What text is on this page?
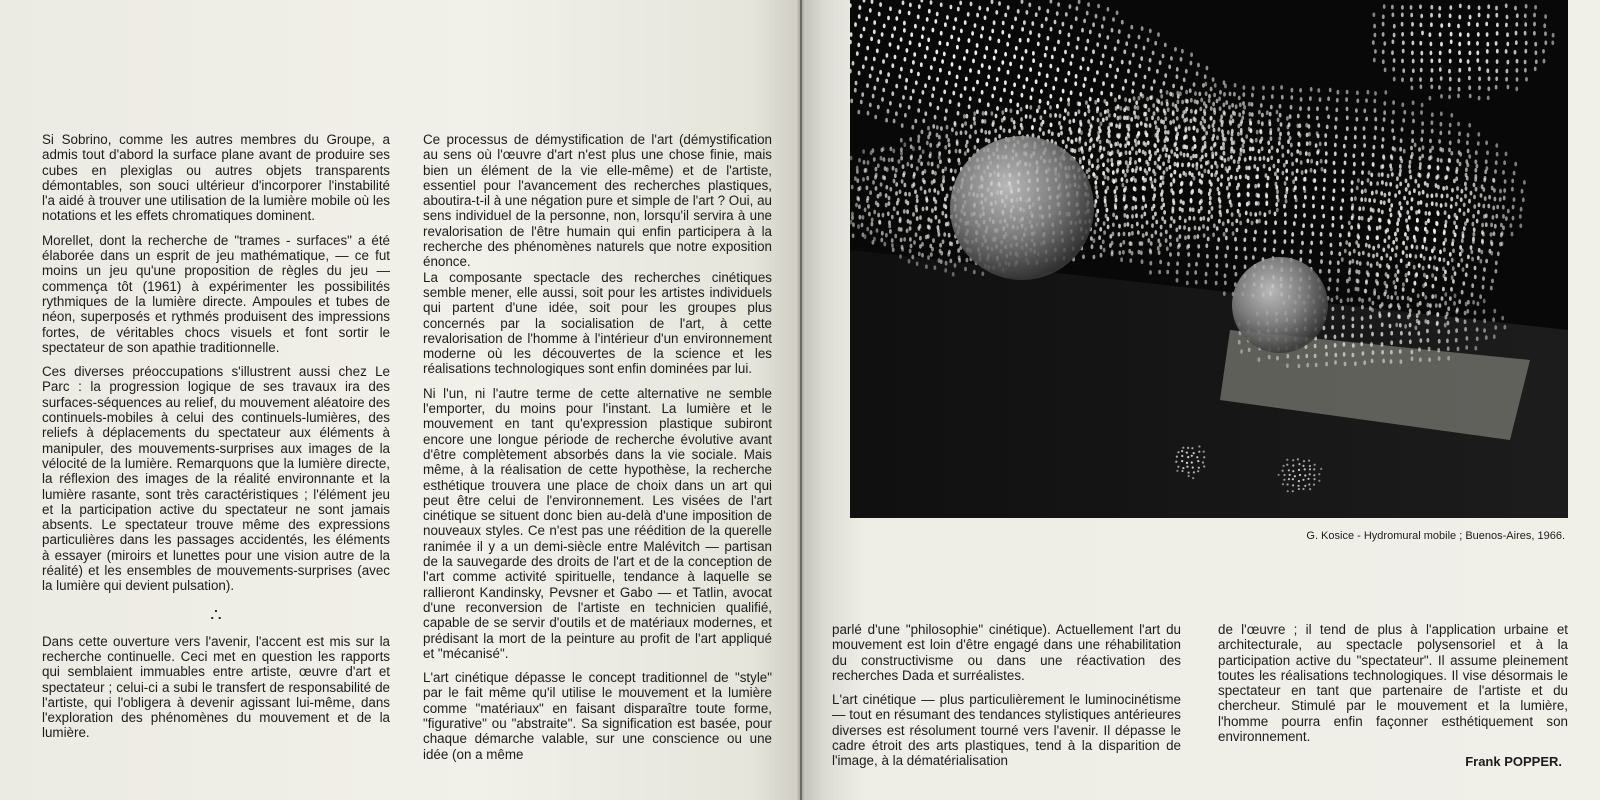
Si Sobrino, comme les autres membres du Groupe, a admis tout d'abord la surface plane avant de produire ses cubes en plexiglas ou autres objets transparents démontables, son souci ultérieur d'incorporer l'instabilité l'a aidé à trouver une utilisation de la lumière mobile où les notations et les effets chromatiques dominent.

Morellet, dont la recherche de "trames - surfaces" a été élaborée dans un esprit de jeu mathématique, — ce fut moins un jeu qu'une proposition de règles du jeu — commença tôt (1961) à expérimenter les possibilités rythmiques de la lumière directe. Ampoules et tubes de néon, superposés et rythmés produisent des impressions fortes, de véritables chocs visuels et font sortir le spectateur de son apathie traditionnelle.

Ces diverses préoccupations s'illustrent aussi chez Le Parc : la progression logique de ses travaux ira des surfaces-séquences au relief, du mouvement aléatoire des continuels-mobiles à celui des continuels-lumières, des reliefs à déplacements du spectateur aux éléments à manipuler, des mouvements-surprises aux images de la vélocité de la lumière. Remarquons que la lumière directe, la réflexion des images de la réalité environnante et la lumière rasante, sont très caractéristiques ; l'élément jeu et la participation active du spectateur ne sont jamais absents. Le spectateur trouve même des expressions particulières dans les passages accidentés, les éléments à essayer (miroirs et lunettes pour une vision autre de la réalité) et les ensembles de mouvements-surprises (avec la lumière qui devient pulsation).

∴

Dans cette ouverture vers l'avenir, l'accent est mis sur la recherche continuelle. Ceci met en question les rapports qui semblaient immuables entre artiste, œuvre d'art et spectateur ; celui-ci a subi le transfert de responsabilité de l'artiste, qui l'obligera à devenir agissant lui-même, dans l'exploration des phénomènes du mouvement et de la lumière.

Ce processus de démystification de l'art (démystification au sens où l'œuvre d'art n'est plus une chose finie, mais bien un élément de la vie elle-même) et de l'artiste, essentiel pour l'avancement des recherches plastiques, aboutira-t-il à une négation pure et simple de l'art ? Oui, au sens individuel de la personne, non, lorsqu'il servira à une revalorisation de l'être humain qui enfin participera à la recherche des phénomènes naturels que notre exposition énonce.

La composante spectacle des recherches cinétiques semble mener, elle aussi, soit pour les artistes individuels qui partent d'une idée, soit pour les groupes plus concernés par la socialisation de l'art, à cette revalorisation de l'homme à l'intérieur d'un environnement moderne où les découvertes de la science et les réalisations technologiques sont enfin dominées par lui.

Ni l'un, ni l'autre terme de cette alternative ne semble l'emporter, du moins pour l'instant. La lumière et le mouvement en tant qu'expression plastique subiront encore une longue période de recherche évolutive avant d'être complètement absorbés dans la vie sociale. Mais même, à la réalisation de cette hypothèse, la recherche esthétique trouvera une place de choix dans un art qui peut être celui de l'environnement. Les visées de l'art cinétique se situent donc bien au-delà d'une imposition de nouveaux styles. Ce n'est pas une réédition de la querelle ranimée il y a un demi-siècle entre Malévitch — partisan de la sauvegarde des droits de l'art et de la conception de l'art comme activité spirituelle, tendance à laquelle se rallieront Kandinsky, Pevsner et Gabo — et Tatlin, avocat d'une reconversion de l'artiste en technicien qualifié, capable de se servir d'outils et de matériaux modernes, et prédisant la mort de la peinture au profit de l'art appliqué et "mécanisé".

L'art cinétique dépasse le concept traditionnel de "style" par le fait même qu'il utilise le mouvement et la lumière comme "matériaux" en faisant disparaître toute forme, "figurative" ou "abstraite". Sa signification est basée, pour chaque démarche valable, sur une conscience ou une idée (on a même

G. Kosice - Hydromural mobile ; Buenos-Aires, 1966.

parlé d'une "philosophie" cinétique). Actuellement l'art du mouvement est loin d'être engagé dans une réhabilitation du constructivisme ou dans une réactivation des recherches Dada et surréalistes.

L'art cinétique — plus particulièrement le luminocinétisme — tout en résumant des tendances stylistiques antérieures diverses est résolument tourné vers l'avenir. Il dépasse le cadre étroit des arts plastiques, tend à la disparition de l'image, à la dématérialisation

de l'œuvre ; il tend de plus à l'application urbaine et architecturale, au spectacle polysensoriel et à la participation active du "spectateur". Il assume pleinement toutes les réalisations technologiques. Il vise désormais le spectateur en tant que partenaire de l'artiste et du chercheur. Stimulé par le mouvement et la lumière, l'homme pourra enfin façonner esthétiquement son environnement.

Frank POPPER.
